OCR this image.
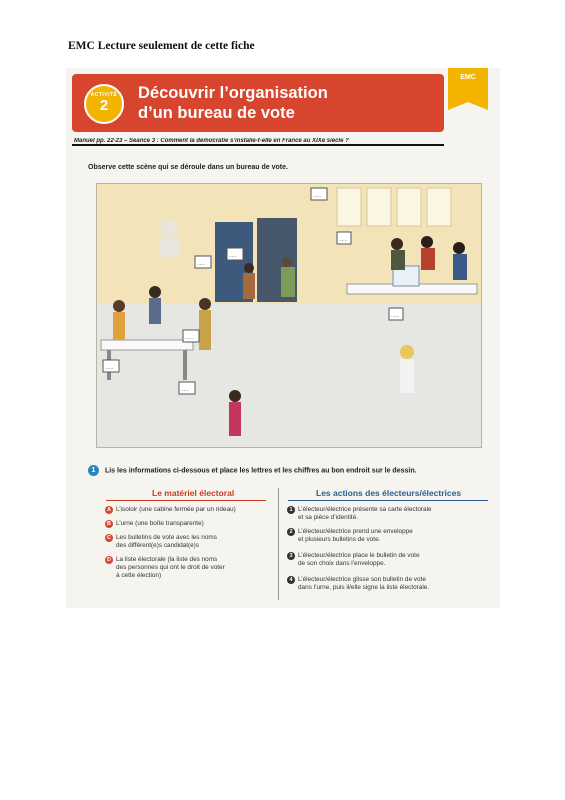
EMC Lecture seulement de cette fiche
ACTIVITÉ
2
Découvrir l’organisation
d’un bureau de vote
EMC
Manuel pp. 22-23 – Séance 3 : Comment la démocratie s’installe-t-elle en France au XIXe siècle ?
Observe cette scène qui se déroule dans un bureau de vote.
......
......
......
......
......
......
......
......
1 Lis les informations ci-dessous et place les lettres et les chiffres au bon endroit sur le dessin.
Le matériel électoral	Les actions des électeurs/électrices
A L’isoloir (une cabine fermée par un rideau)
B L’urne (une boîte transparente)
C Les bulletins de vote avec les noms
des différent(e)s candidat(e)s
D La liste électorale (la liste des noms
des personnes qui ont le droit de voter
à cette élection)
1 L’électeur/électrice présente sa carte électorale
et sa pièce d’identité.
2 L’électeur/électrice prend une enveloppe
et plusieurs bulletins de vote.
3 L’électeur/électrice place le bulletin de vote
de son choix dans l’enveloppe.
4 L’électeur/électrice glisse son bulletin de vote
dans l’urne, puis il/elle signe la liste électorale.
